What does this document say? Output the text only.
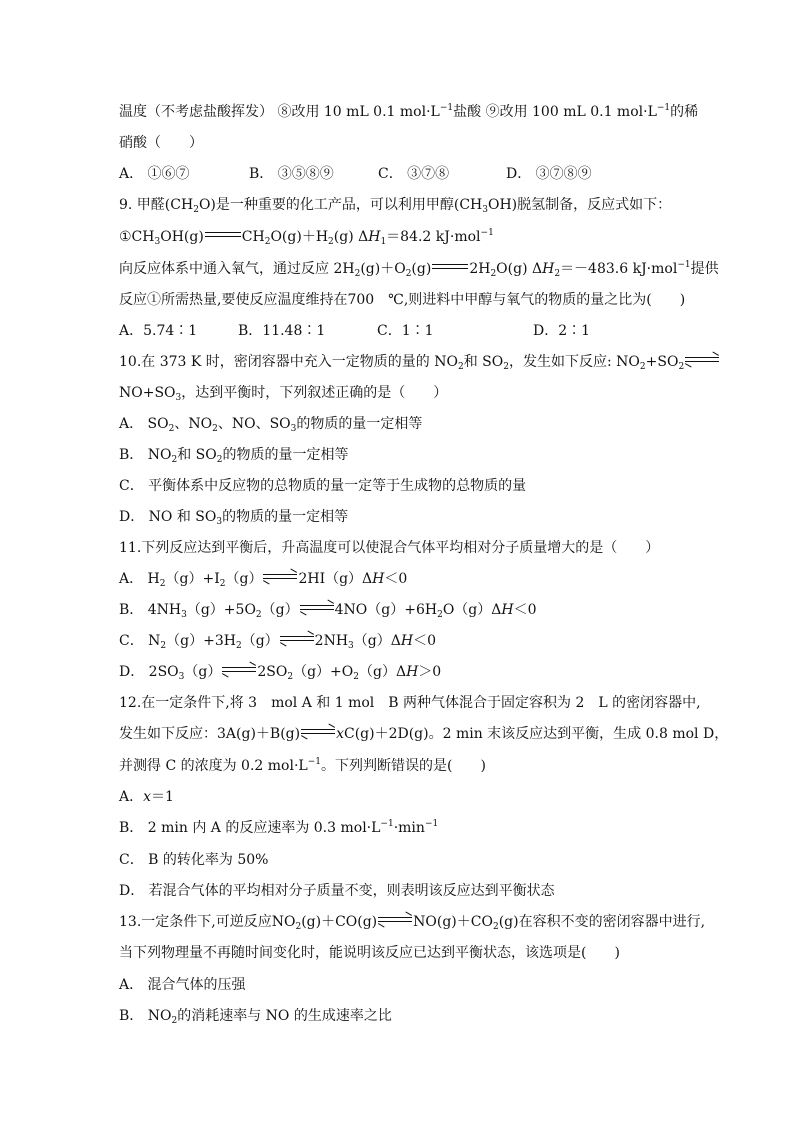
温度（不考虑盐酸挥发） ⑧改用 10 mL 0.1 $mol\cdot L^{-1}$盐酸 ⑨改用 100 mL 0.1 $mol\cdot L^{-1}$的稀
硝酸（　　）
A． ①⑥⑦	B． ③⑤⑧⑨	C． ③⑦⑧	D． ③⑦⑧⑨
9. 甲醛$(CH_2O)$是一种重要的化工产品，可以利用甲醇$(CH_3OH)$脱氢制备，反应式如下：
$①CH_3OH(g)$	$CH_2O(g)+H_2(g)$ $\Delta H_1=84.2$ kJ·mol$^{-1}$
向反应体系中通入氧气，通过反应 $2H_2(g)+O_2(g)$	$2H_2O(g)$ $\Delta H_2=-483.6$ kJ·mol$^{-1}$提供
反应①所需热量,要使反应温度维持在700　℃,则进料中甲醇与氧气的物质的量之比为(　　)
A．5.74∶1	B．11.48∶1	C．1∶1	D．2∶1
10.在 373 K 时，密闭容器中充入一定物质的量的 $NO_2$和 $SO_2$，发生如下反应: $NO_2+SO_2$
$NO+SO_3$，达到平衡时，下列叙述正确的是（　　）
A． $SO_2$、$NO_2$、NO、$SO_3$的物质的量一定相等
B． $NO_2$和 $SO_2$的物质的量一定相等
C． 平衡体系中反应物的总物质的量一定等于生成物的总物质的量
D． NO 和 $SO_3$的物质的量一定相等
11.下列反应达到平衡后，升高温度可以使混合气体平均相对分子质量增大的是（　　）
A． $H_2(g)+I_2(g)$	2HI（g）ΔH＜0
B． $4NH_3(g)+5O_2(g)$	$4NO(g)+6H_2O(g)\Delta H<0$
C． $N_2(g)+3H_2(g)$	$2NH_3(g)\Delta H<0$
D． $2SO_3(g)$	$2SO_2(g)+O_2(g)\Delta H>0$
12.在一定条件下,将 3　mol A 和 1 mol　B 两种气体混合于固定容积为 2　L 的密闭容器中,
发生如下反应：3A(g)＋B(g)	xC(g)＋2D(g)。2 min 末该反应达到平衡，生成 0.8 mol D，
并测得 C 的浓度为 0.2 $mol\cdot L^{-1}$。下列判断错误的是(　　)
A．x＝1
B． 2 min 内 A 的反应速率为 0.3 $mol\cdot L^{-1}\cdot\min^{-1}$
C． B 的转化率为 50%
D． 若混合气体的平均相对分子质量不变，则表明该反应达到平衡状态
13.一定条件下,可逆反应$NO_2(g)+CO(g)$	$NO(g)+CO_2(g)$在容积不变的密闭容器中进行,
当下列物理量不再随时间变化时，能说明该反应已达到平衡状态，该选项是(　　)
A． 混合气体的压强
B． $NO_2$的消耗速率与 NO 的生成速率之比
